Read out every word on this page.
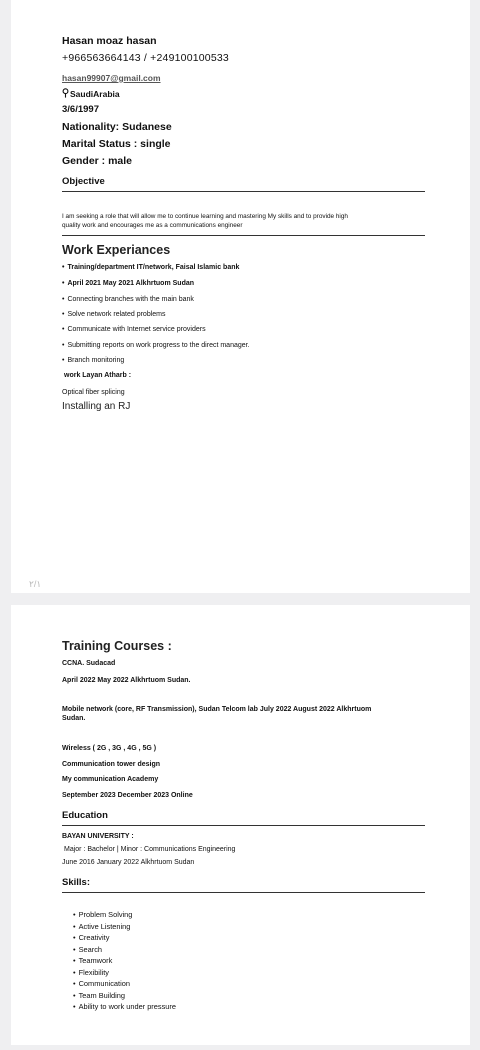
Hasan moaz hasan
+966563664143 / +249100100533
hasan99907@gmail.com
SaudiArabia
3/6/1997
Nationality: Sudanese
Marital Status : single
Gender : male
Objective
I am seeking a role that will allow me to continue learning and mastering My skills and to provide high
quality work and encourages me as a communications engineer
Work Experiances
• Training/department IT/network, Faisal Islamic bank
• April 2021 May 2021 Alkhrtuom Sudan
• Connecting branches with the main bank
• Solve network related problems
• Communicate with Internet service providers
• Submitting reports on work progress to the direct manager.
• Branch monitoring
work Layan Atharb :
Optical fiber splicing
Installing an RJ
٢/١
Training Courses :
CCNA. Sudacad
April 2022 May 2022 Alkhrtuom Sudan.
Mobile network (core, RF Transmission), Sudan Telcom lab July 2022 August 2022 Alkhrtuom
Sudan.
Wireless ( 2G , 3G , 4G , 5G )
Communication tower design
My communication Academy
September 2023 December 2023 Online
Education
BAYAN UNIVERSITY :
Major : Bachelor | Minor : Communications Engineering
June 2016 January 2022 Alkhrtuom Sudan
Skills:
• Problem Solving
• Active Listening
• Creativity
• Search
• Teamwork
• Flexibility
• Communication
• Team Building
• Ability to work under pressure
